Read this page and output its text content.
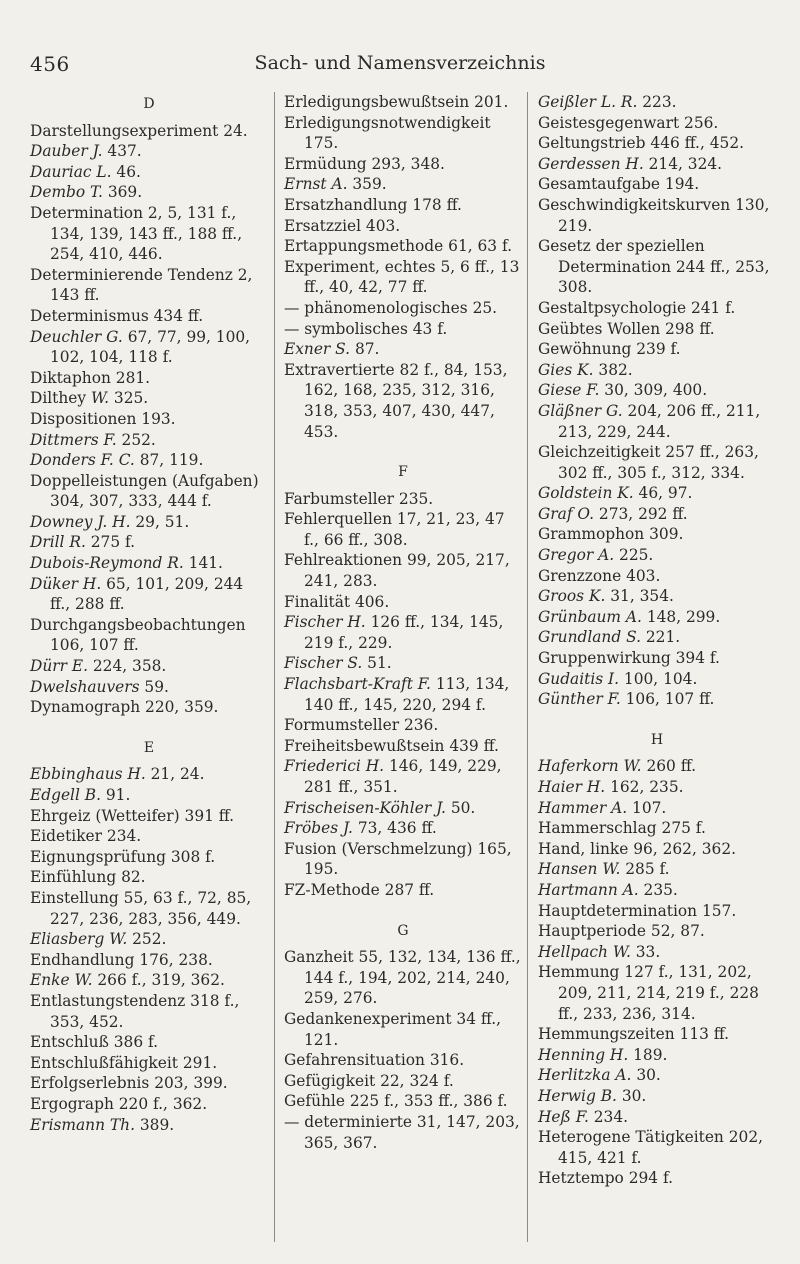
456	Sach- und Namensverzeichnis
D
Darstellungsexperiment 24.
Dauber J. 437.
Dauriac L. 46.
Dembo T. 369.
Determination 2, 5, 131 f., 134, 139, 143 ff., 188 ff., 254, 410, 446.
Determinierende Tendenz 2, 143 ff.
Determinismus 434 ff.
Deuchler G. 67, 77, 99, 100, 102, 104, 118 f.
Diktaphon 281.
Dilthey W. 325.
Dispositionen 193.
Dittmers F. 252.
Donders F. C. 87, 119.
Doppelleistungen (Aufgaben) 304, 307, 333, 444 f.
Downey J. H. 29, 51.
Drill R. 275 f.
Dubois-Reymond R. 141.
Düker H. 65, 101, 209, 244 ff., 288 ff.
Durchgangsbeobachtungen 106, 107 ff.
Dürr E. 224, 358.
Dwelshauvers 59.
Dynamograph 220, 359.
E
Ebbinghaus H. 21, 24.
Edgell B. 91.
Ehrgeiz (Wetteifer) 391 ff.
Eidetiker 234.
Eignungsprüfung 308 f.
Einfühlung 82.
Einstellung 55, 63 f., 72, 85, 227, 236, 283, 356, 449.
Eliasberg W. 252.
Endhandlung 176, 238.
Enke W. 266 f., 319, 362.
Entlastungstendenz 318 f., 353, 452.
Entschluß 386 f.
Entschlußfähigkeit 291.
Erfolgserlebnis 203, 399.
Ergograph 220 f., 362.
Erismann Th. 389.
Erledigungsbewußtsein 201.
Erledigungsnotwendigkeit 175.
Ermüdung 293, 348.
Ernst A. 359.
Ersatzhandlung 178 ff.
Ersatzziel 403.
Ertappungsmethode 61, 63 f.
Experiment, echtes 5, 6 ff., 13 ff., 40, 42, 77 ff.
— phänomenologisches 25.
— symbolisches 43 f.
Exner S. 87.
Extravertierte 82 f., 84, 153, 162, 168, 235, 312, 316, 318, 353, 407, 430, 447, 453.
F
Farbumsteller 235.
Fehlerquellen 17, 21, 23, 47 f., 66 ff., 308.
Fehlreaktionen 99, 205, 217, 241, 283.
Finalität 406.
Fischer H. 126 ff., 134, 145, 219 f., 229.
Fischer S. 51.
Flachsbart-Kraft F. 113, 134, 140 ff., 145, 220, 294 f.
Formumsteller 236.
Freiheitsbewußtsein 439 ff.
Friederici H. 146, 149, 229, 281 ff., 351.
Frischeisen-Köhler J. 50.
Fröbes J. 73, 436 ff.
Fusion (Verschmelzung) 165, 195.
FZ-Methode 287 ff.
G
Ganzheit 55, 132, 134, 136 ff., 144 f., 194, 202, 214, 240, 259, 276.
Gedankenexperiment 34 ff., 121.
Gefahrensituation 316.
Gefügigkeit 22, 324 f.
Gefühle 225 f., 353 ff., 386 f.
— determinierte 31, 147, 203, 365, 367.
Geißler L. R. 223.
Geistesgegenwart 256.
Geltungstrieb 446 ff., 452.
Gerdessen H. 214, 324.
Gesamtaufgabe 194.
Geschwindigkeitskurven 130, 219.
Gesetz der speziellen Determination 244 ff., 253, 308.
Gestaltpsychologie 241 f.
Geübtes Wollen 298 ff.
Gewöhnung 239 f.
Gies K. 382.
Giese F. 30, 309, 400.
Gläßner G. 204, 206 ff., 211, 213, 229, 244.
Gleichzeitigkeit 257 ff., 263, 302 ff., 305 f., 312, 334.
Goldstein K. 46, 97.
Graf O. 273, 292 ff.
Grammophon 309.
Gregor A. 225.
Grenzzone 403.
Groos K. 31, 354.
Grünbaum A. 148, 299.
Grundland S. 221.
Gruppenwirkung 394 f.
Gudaitis I. 100, 104.
Günther F. 106, 107 ff.
H
Haferkorn W. 260 ff.
Haier H. 162, 235.
Hammer A. 107.
Hammerschlag 275 f.
Hand, linke 96, 262, 362.
Hansen W. 285 f.
Hartmann A. 235.
Hauptdetermination 157.
Hauptperiode 52, 87.
Hellpach W. 33.
Hemmung 127 f., 131, 202, 209, 211, 214, 219 f., 228 ff., 233, 236, 314.
Hemmungszeiten 113 ff.
Henning H. 189.
Herlitzka A. 30.
Herwig B. 30.
Heß F. 234.
Heterogene Tätigkeiten 202, 415, 421 f.
Hetztempo 294 f.
